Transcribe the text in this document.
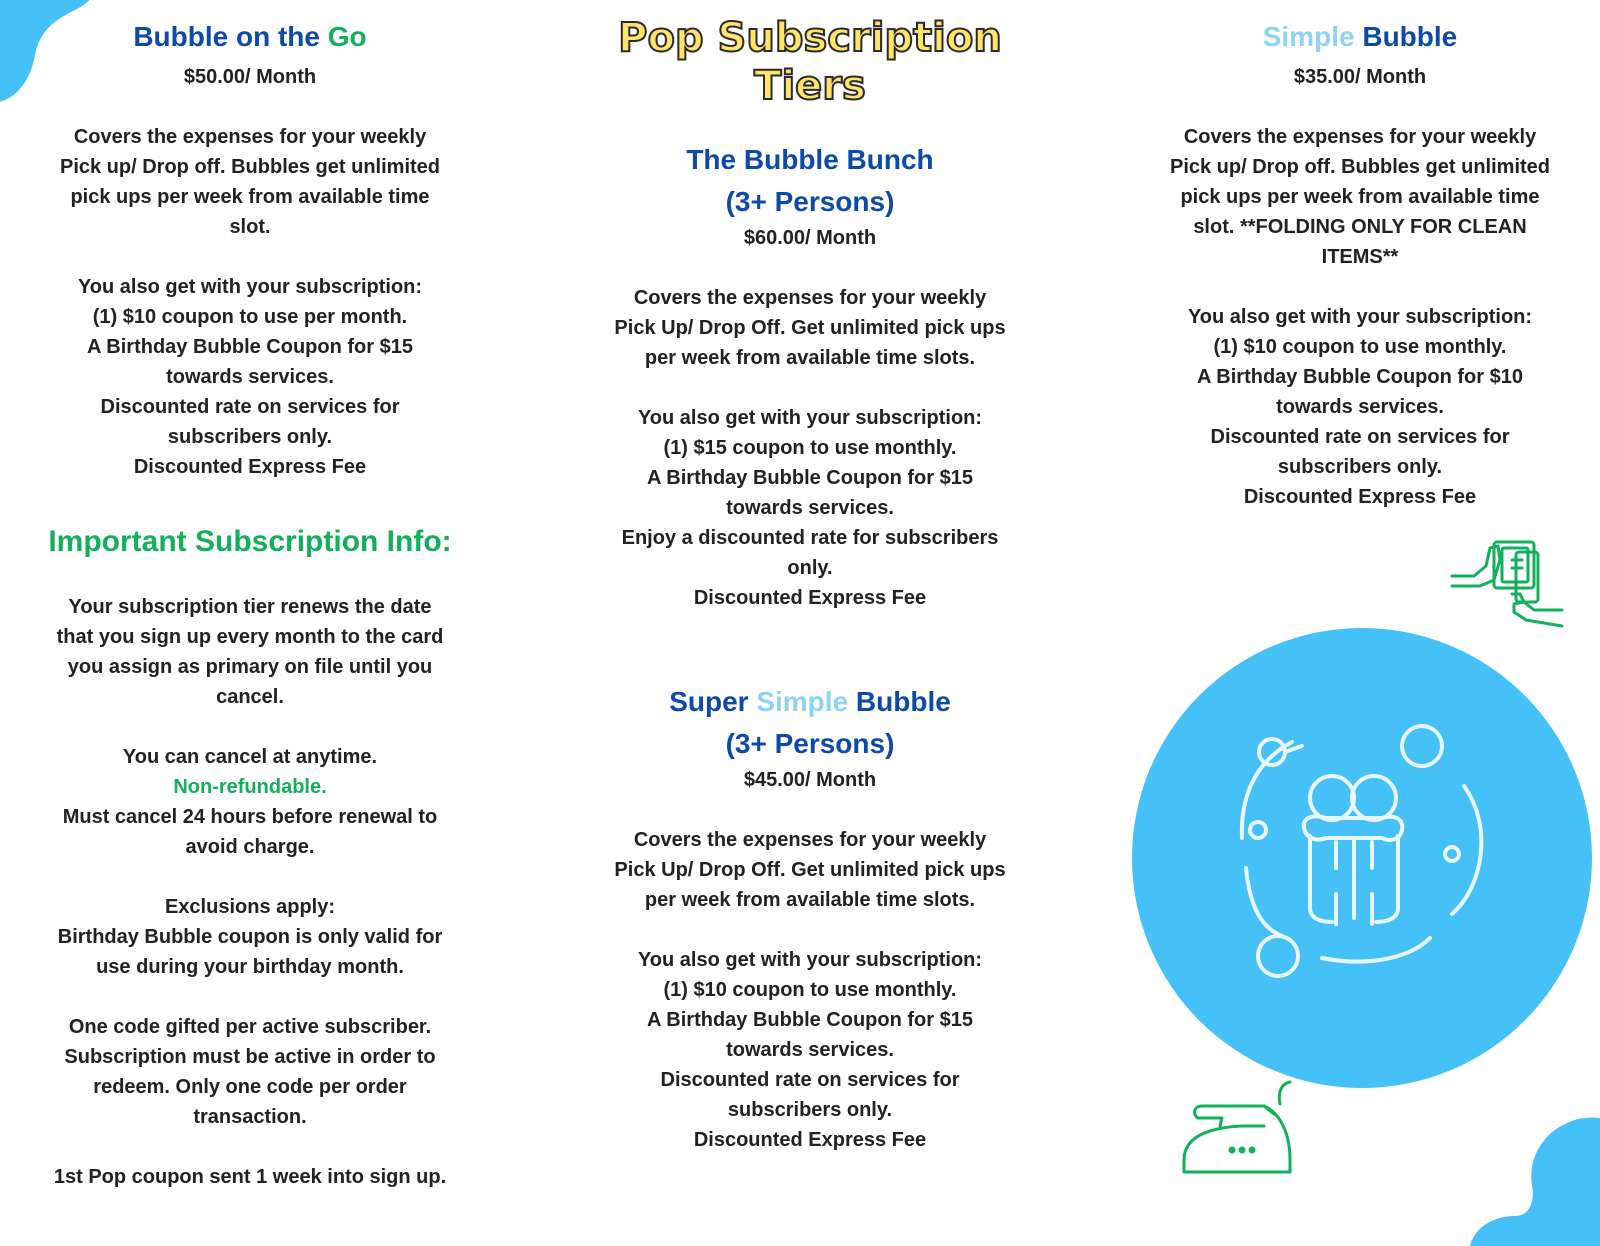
Pop Subscription
Tiers

Bubble on the Go

$50.00/ Month

Covers the expenses for your weekly

Pick up/ Drop off. Bubbles get unlimited

pick ups per week from available time

slot.

You also get with your subscription:

(1) $10 coupon to use per month.

A Birthday Bubble Coupon for $15

towards services.

Discounted rate on services for

subscribers only.

Discounted Express Fee

Important Subscription Info:

Your subscription tier renews the date

that you sign up every month to the card

you assign as primary on file until you

cancel.

You can cancel at anytime.

Non-refundable.

Must cancel 24 hours before renewal to

avoid charge.

Exclusions apply:

Birthday Bubble coupon is only valid for

use during your birthday month.

One code gifted per active subscriber.

Subscription must be active in order to

redeem. Only one code per order

transaction.

1st Pop coupon sent 1 week into sign up.

The Bubble Bunch

(3+ Persons)

$60.00/ Month

Covers the expenses for your weekly

Pick Up/ Drop Off. Get unlimited pick ups

per week from available time slots.

You also get with your subscription:

(1) $15 coupon to use monthly.

A Birthday Bubble Coupon for $15

towards services.

Enjoy a discounted rate for subscribers

only.

Discounted Express Fee

Super Simple Bubble

(3+ Persons)

$45.00/ Month

Covers the expenses for your weekly

Pick Up/ Drop Off. Get unlimited pick ups

per week from available time slots.

You also get with your subscription:

(1) $10 coupon to use monthly.

A Birthday Bubble Coupon for $15

towards services.

Discounted rate on services for

subscribers only.

Discounted Express Fee

Simple Bubble

$35.00/ Month

Covers the expenses for your weekly

Pick up/ Drop off. Bubbles get unlimited

pick ups per week from available time

slot. **FOLDING ONLY FOR CLEAN

ITEMS**

You also get with your subscription:

(1) $10 coupon to use monthly.

A Birthday Bubble Coupon for $10

towards services.

Discounted rate on services for

subscribers only.

Discounted Express Fee
